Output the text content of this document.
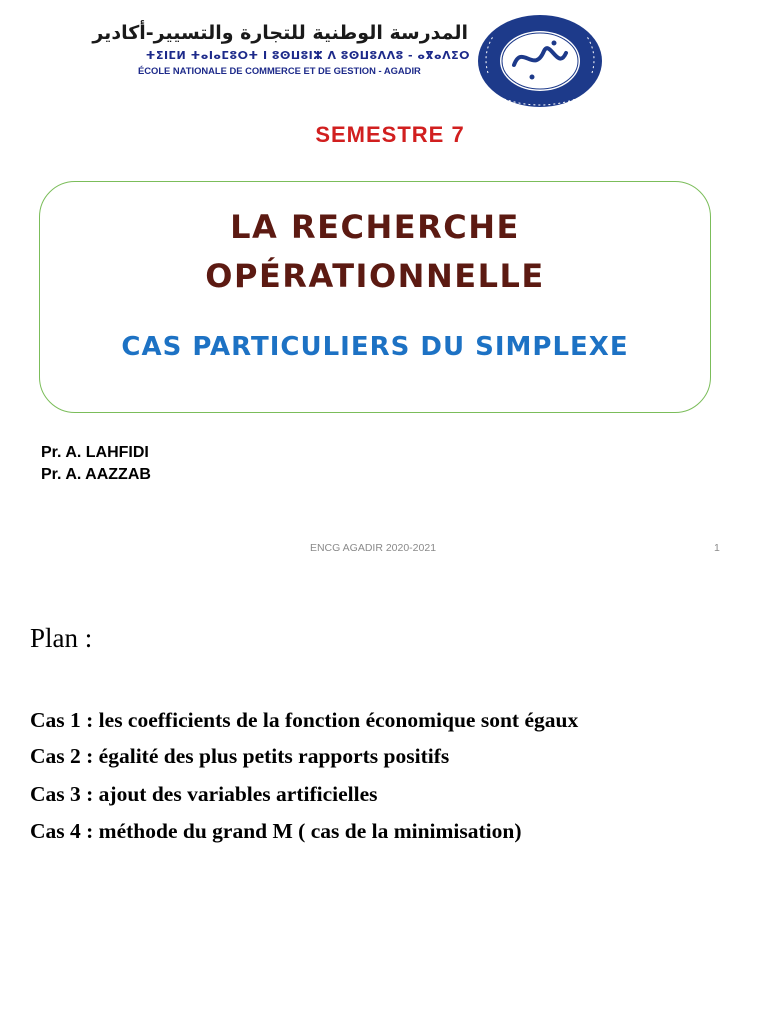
المدرسة الوطنية للتجارة والتسيير-أكادير
ⵜⵉⵏⵎⵍ ⵜⴰⵏⴰⵎⵓⵔⵜ ⵏ ⵓⵙⵡⵓⵏⵣ ⴷ ⵓⵙⵡⵓⴷⴷⵓ - ⴰⴳⴰⴷⵉⵔ
ÉCOLE NATIONALE DE COMMERCE ET DE GESTION - AGADIR
SEMESTRE 7
LA RECHERCHE
OPÉRATIONNELLE
CAS PARTICULIERS DU SIMPLEXE
Pr. A. LAHFIDI
Pr. A. AAZZAB
ENCG AGADIR 2020-2021	1
Plan :
Cas 1 : les coefficients de la fonction économique sont égaux
Cas 2 : égalité des plus petits rapports positifs
Cas 3 : ajout des variables artificielles
Cas 4 : méthode du grand M ( cas de la minimisation)
